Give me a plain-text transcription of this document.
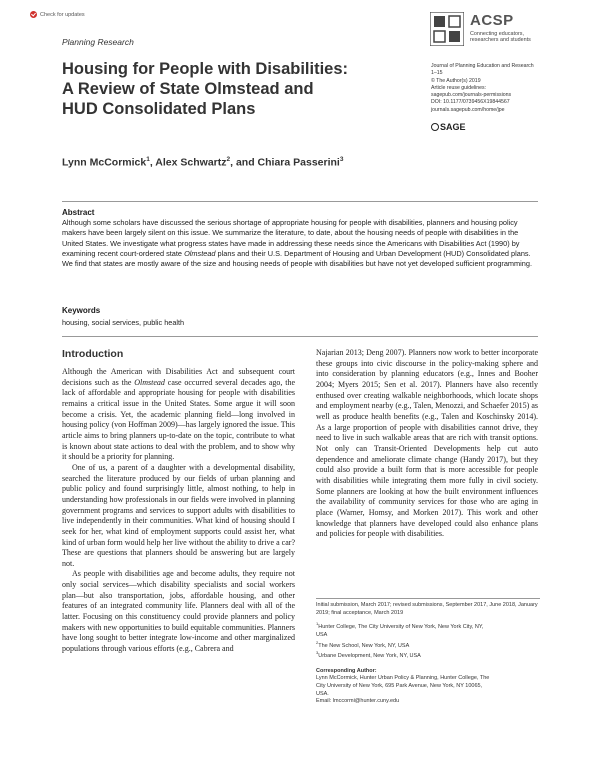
Check for updates
Planning Research
ACSP
Connecting educators,
researchers and students
Journal of Planning Education and Research
1–15
© The Author(s) 2019
Article reuse guidelines:
sagepub.com/journals-permissions
DOI: 10.1177/0739456X19844567
journals.sagepub.com/home/jpe
SAGE
Housing for People with Disabilities:
A Review of State Olmstead and
HUD Consolidated Plans
Lynn McCormick$^1$, Alex Schwartz$^2$, and Chiara Passerini$^3$
Abstract
Although some scholars have discussed the serious shortage of appropriate housing for people with disabilities, planners and housing policy makers have been largely silent on this issue. We summarize the literature, to date, about the housing needs of people with disabilities in the United States. We investigate what progress states have made in addressing these needs since the Americans with Disabilities Act (1990) by examining recent court-ordered state Olmstead plans and their U.S. Department of Housing and Urban Development (HUD) Consolidated plans. We find that states are mostly aware of the size and housing needs of people with disabilities but have not yet developed sufficient programming.
Keywords
housing, social services, public health
Introduction

Although the American with Disabilities Act and subsequent court decisions such as the Olmstead case occurred several decades ago, the lack of affordable and appropriate housing for people with disabilities remains a critical issue in the United States. Some argue it will soon become a crisis. Yet, the academic planning field—long involved in housing policy (von Hoffman 2009)—has largely ignored the issue. This article aims to bring planners up-to-date on the topic, contribute to what is known about state actions to deal with the problem, and to show why it should be a priority for planning.

One of us, a parent of a daughter with a developmental disability, searched the literature produced by our fields of urban planning and public policy and found surprisingly little, almost nothing, to help in understanding how professionals in our fields were involved in planning government programs and services to support adults with disabilities to live independently in their communities. What kind of housing should I seek for her, what kind of employment supports could assist her, what kind of urban form would help her live without the ability to drive a car? These are questions that planners should be answering but are largely not.

As people with disabilities age and become adults, they require not only social services—which disability specialists and social workers plan—but also transportation, jobs, affordable housing, and other features of an integrated community life. Planners deal with all of the latter. Focusing on this constituency could provide planners and policy makers with new opportunities to build equitable communities. Planners have long sought to better integrate low-income and other marginalized populations through various efforts (e.g., Cabrera and

Najarian 2013; Deng 2007). Planners now work to better incorporate these groups into civic discourse in the policy-making sphere and into consideration by planning educators (e.g., Innes and Booher 2004; Myers 2015; Sen et al. 2017). Planners have also recently enthused over creating walkable neighborhoods, which locate shops and employment nearby (e.g., Talen, Menozzi, and Schaefer 2015) as well as produce health benefits (e.g., Talen and Koschinsky 2014). As a large proportion of people with disabilities cannot drive, they need to live in such walkable areas that are rich with transit options. Not only can Transit-Oriented Developments help cut auto dependence and ameliorate climate change (Handy 2017), but they could also provide a built form that is more accessible for people with disabilities while integrating them more fully in civil society. Some planners are looking at how the built environment influences the availability of community services for those who are aging in place (Warner, Homsy, and Morken 2017). This work and other knowledge that planners have developed could also enhance plans and policies for people with disabilities.

Initial submission, March 2017; revised submissions, September 2017, June 2018, January 2019; final acceptance, March 2019
$^1$Hunter College, The City University of New York, New York City, NY,
USA
$^2$The New School, New York, NY, USA
$^3$Urbane Development, New York, NY, USA
Corresponding Author:
Lynn McCormick, Hunter Urban Policy & Planning, Hunter College, The
City University of New York, 695 Park Avenue, New York, NY 10065,
USA.
Email: lmccormi@hunter.cuny.edu
